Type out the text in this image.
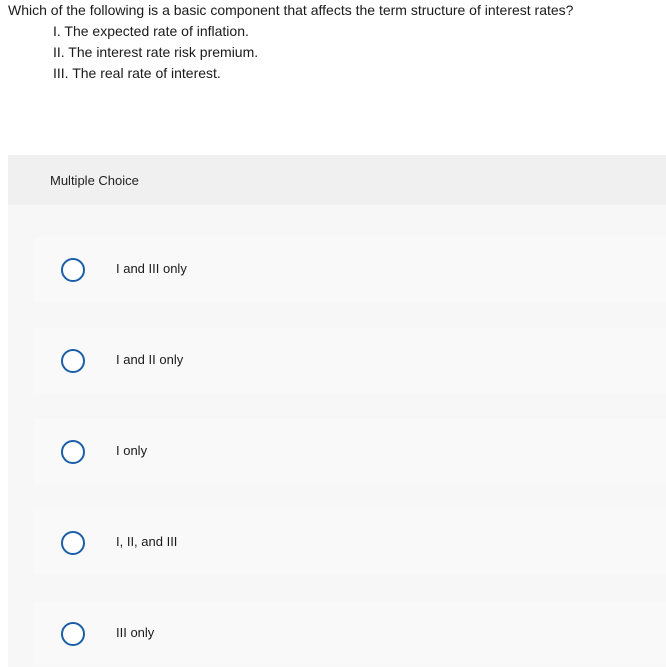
Which of the following is a basic component that affects the term structure of interest rates?
I. The expected rate of inflation.
II. The interest rate risk premium.
III. The real rate of interest.
Multiple Choice
I and III only
I and II only
I only
I, II, and III
III only
